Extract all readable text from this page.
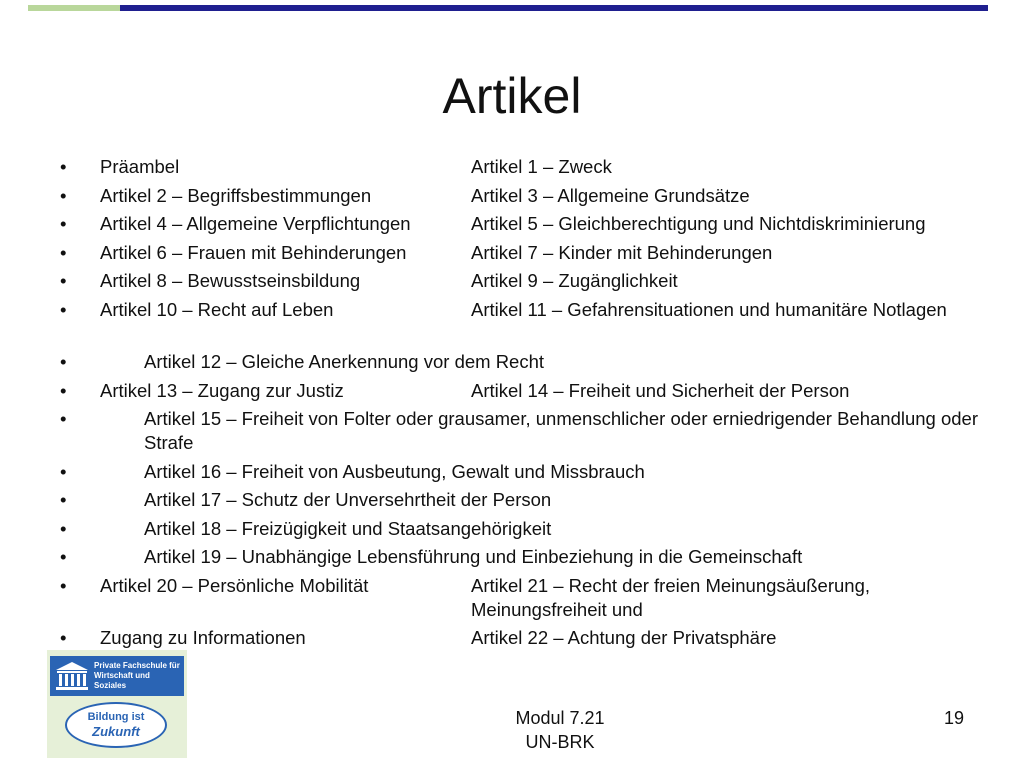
Artikel
• Präambel	Artikel 1 – Zweck
• Artikel 2 – Begriffsbestimmungen	Artikel 3 – Allgemeine Grundsätze
• Artikel 4 – Allgemeine Verpflichtungen	Artikel 5 – Gleichberechtigung und Nichtdiskriminierung
• Artikel 6 – Frauen mit Behinderungen	Artikel 7 – Kinder mit Behinderungen
• Artikel 8 – Bewusstseinsbildung	Artikel 9 – Zugänglichkeit
• Artikel 10 – Recht auf Leben	Artikel 11 – Gefahrensituationen und humanitäre Notlagen
•	Artikel 12 – Gleiche Anerkennung vor dem Recht
• Artikel 13 – Zugang zur Justiz	Artikel 14 – Freiheit und Sicherheit der Person
•	Artikel 15 – Freiheit von Folter oder grausamer, unmenschlicher oder erniedrigender Behandlung oder Strafe
•	Artikel 16 – Freiheit von Ausbeutung, Gewalt und Missbrauch
•	Artikel 17 – Schutz der Unversehrtheit der Person
•	Artikel 18 – Freizügigkeit und Staatsangehörigkeit
•	Artikel 19 – Unabhängige Lebensführung und Einbeziehung in die Gemeinschaft
• Artikel 20 – Persönliche Mobilität	Artikel 21 – Recht der freien Meinungsäußerung, Meinungsfreiheit und
• Zugang zu Informationen	Artikel 22 – Achtung der Privatsphäre
Private Fachschule für
Wirtschaft und Soziales
Bildung ist
Zukunft
Modul 7.21
UN-BRK
19
